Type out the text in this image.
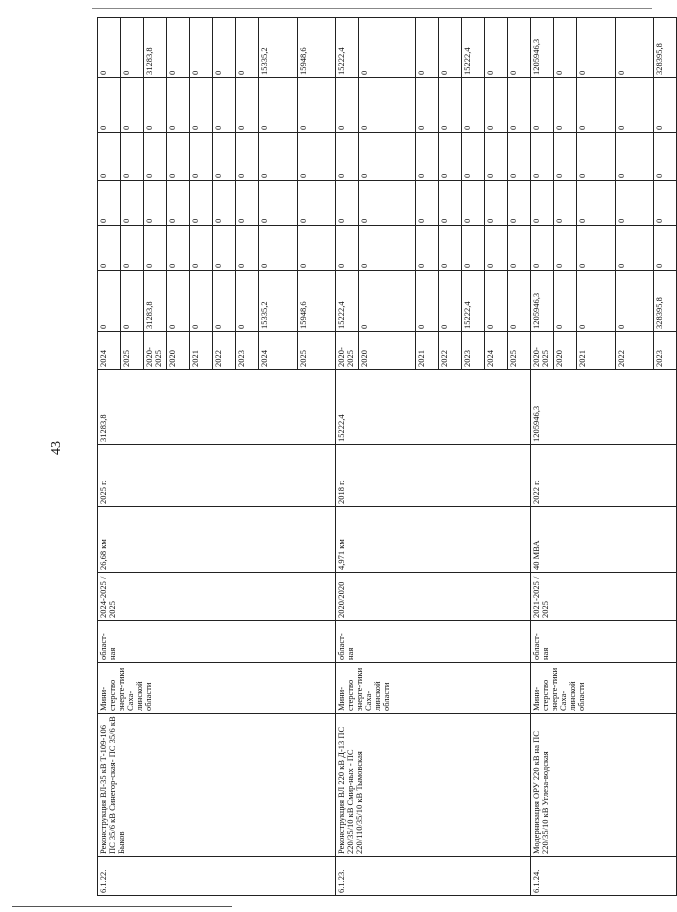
43
6.1.22.	Реконструкция ВЛ-35 кВ Т-109-106 ПС 35/6 кВ Синегор-ская- ПС 35/6 кВ Быков	Мини-стерство энерге-тики Саха-линской области	област-ная	2024-2025 / 2025	26,68 км	2025 г.	31283,8	2024	0	0	0	0	0	0	
								2025	0	0	0	0	0	0	
								2020-2025	31283,8	0	0	0	0	31283,8	
								2020	0	0	0	0	0	0	
								2021	0	0	0	0	0	0	
								2022	0	0	0	0	0	0	
								2023	0	0	0	0	0	0	
								2024	15335,2	0	0	0	0	15335,2	
								2025	15948,6	0	0	0	0	15948,6	
6.1.23.	Реконструкция ВЛ 220 кВ Д-13 ПС 220/35/10 кВ Смир-ных - ПС 220/110/35/10 кВ Тымовская	Мини-стерство энерге-тики Саха-линской области	област-ная	2020/2020	4,971 км	2018 г.	15222,4	2020-2025	15222,4	0	0	0	0	15222,4	
								2020	0	0	0	0	0	0	
								2021	0	0	0	0	0	0	
								2022	0	0	0	0	0	0	
								2023	15222,4	0	0	0	0	15222,4	
								2024	0	0	0	0	0	0	
								2025	0	0	0	0	0	0	
6.1.24.	Модернизация ОРУ 220 кВ на ПС 220/35/10 кВ Углеза-водская	Мини-стерство энерге-тики Саха-линской области	област-ная	2021-2025 / 2025	40 МВА	2022 г.	1205946,3	2020-2025	1205946,3	0	0	0	0	1205946,3	
								2020	0	0	0	0	0	0	
								2021	0	0	0	0	0	0	
								2022	0	0	0	0	0	0	
								2023	328395,8	0	0	0	0	328395,8	
